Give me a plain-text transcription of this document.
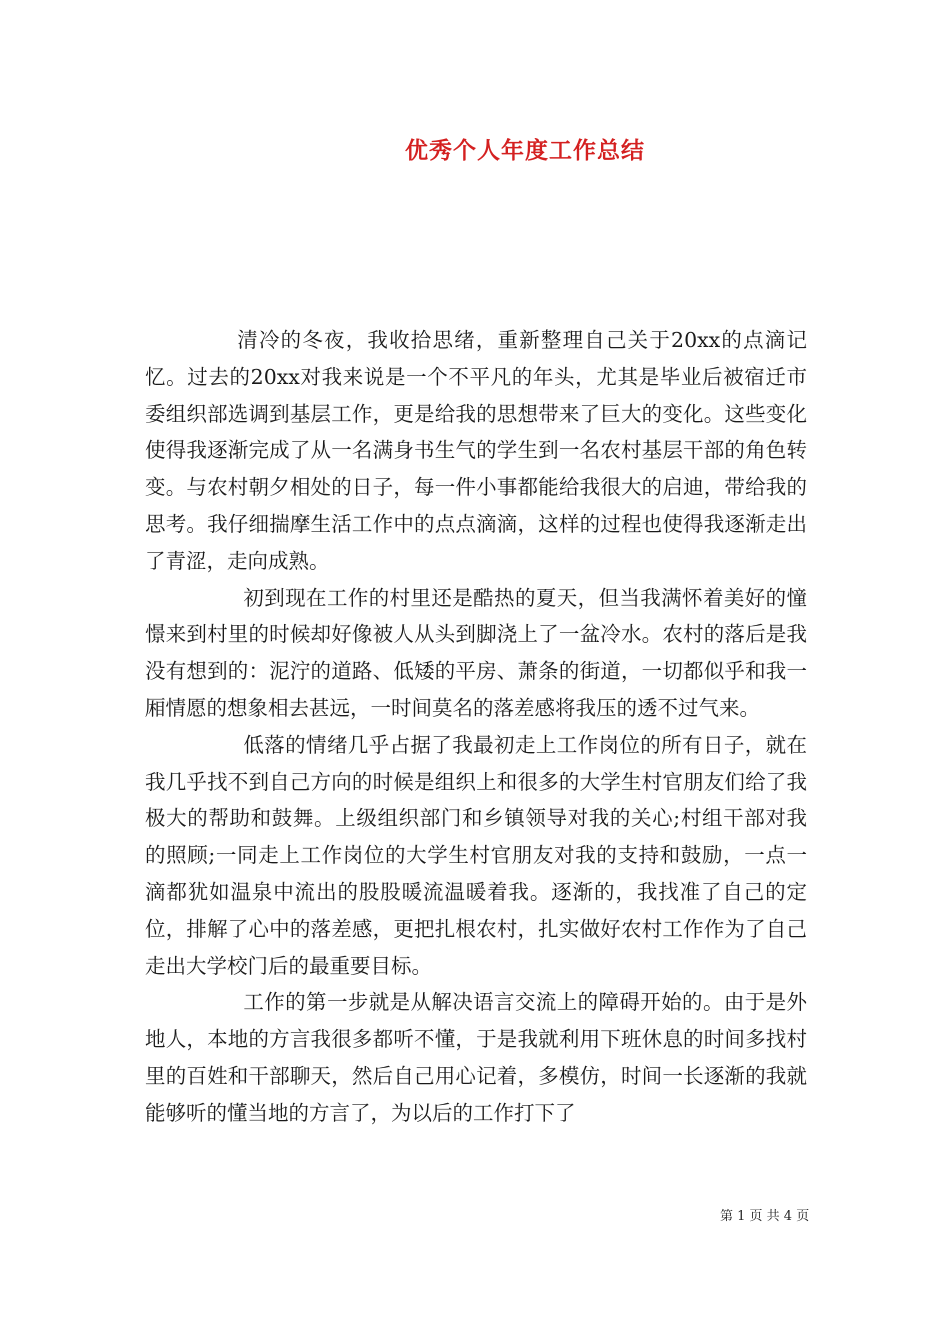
优秀个人年度工作总结

清冷的冬夜，我收拾思绪，重新整理自己关于20xx的点滴记忆。过去的20xx对我来说是一个不平凡的年头，尤其是毕业后被宿迁市委组织部选调到基层工作，更是给我的思想带来了巨大的变化。这些变化使得我逐渐完成了从一名满身书生气的学生到一名农村基层干部的角色转变。与农村朝夕相处的日子，每一件小事都能给我很大的启迪，带给我的思考。我仔细揣摩生活工作中的点点滴滴，这样的过程也使得我逐渐走出了青涩，走向成熟。

初到现在工作的村里还是酷热的夏天，但当我满怀着美好的憧憬来到村里的时候却好像被人从头到脚浇上了一盆冷水。农村的落后是我没有想到的：泥泞的道路、低矮的平房、萧条的街道，一切都似乎和我一厢情愿的想象相去甚远，一时间莫名的落差感将我压的透不过气来。

低落的情绪几乎占据了我最初走上工作岗位的所有日子，就在我几乎找不到自己方向的时候是组织上和很多的大学生村官朋友们给了我极大的帮助和鼓舞。上级组织部门和乡镇领导对我的关心;村组干部对我的照顾;一同走上工作岗位的大学生村官朋友对我的支持和鼓励，一点一滴都犹如温泉中流出的股股暖流温暖着我。逐渐的，我找准了自己的定位，排解了心中的落差感，更把扎根农村，扎实做好农村工作作为了自己走出大学校门后的最重要目标。

工作的第一步就是从解决语言交流上的障碍开始的。由于是外地人，本地的方言我很多都听不懂，于是我就利用下班休息的时间多找村里的百姓和干部聊天，然后自己用心记着，多模仿，时间一长逐渐的我就能够听的懂当地的方言了，为以后的工作打下了

第 1 页 共 4 页
